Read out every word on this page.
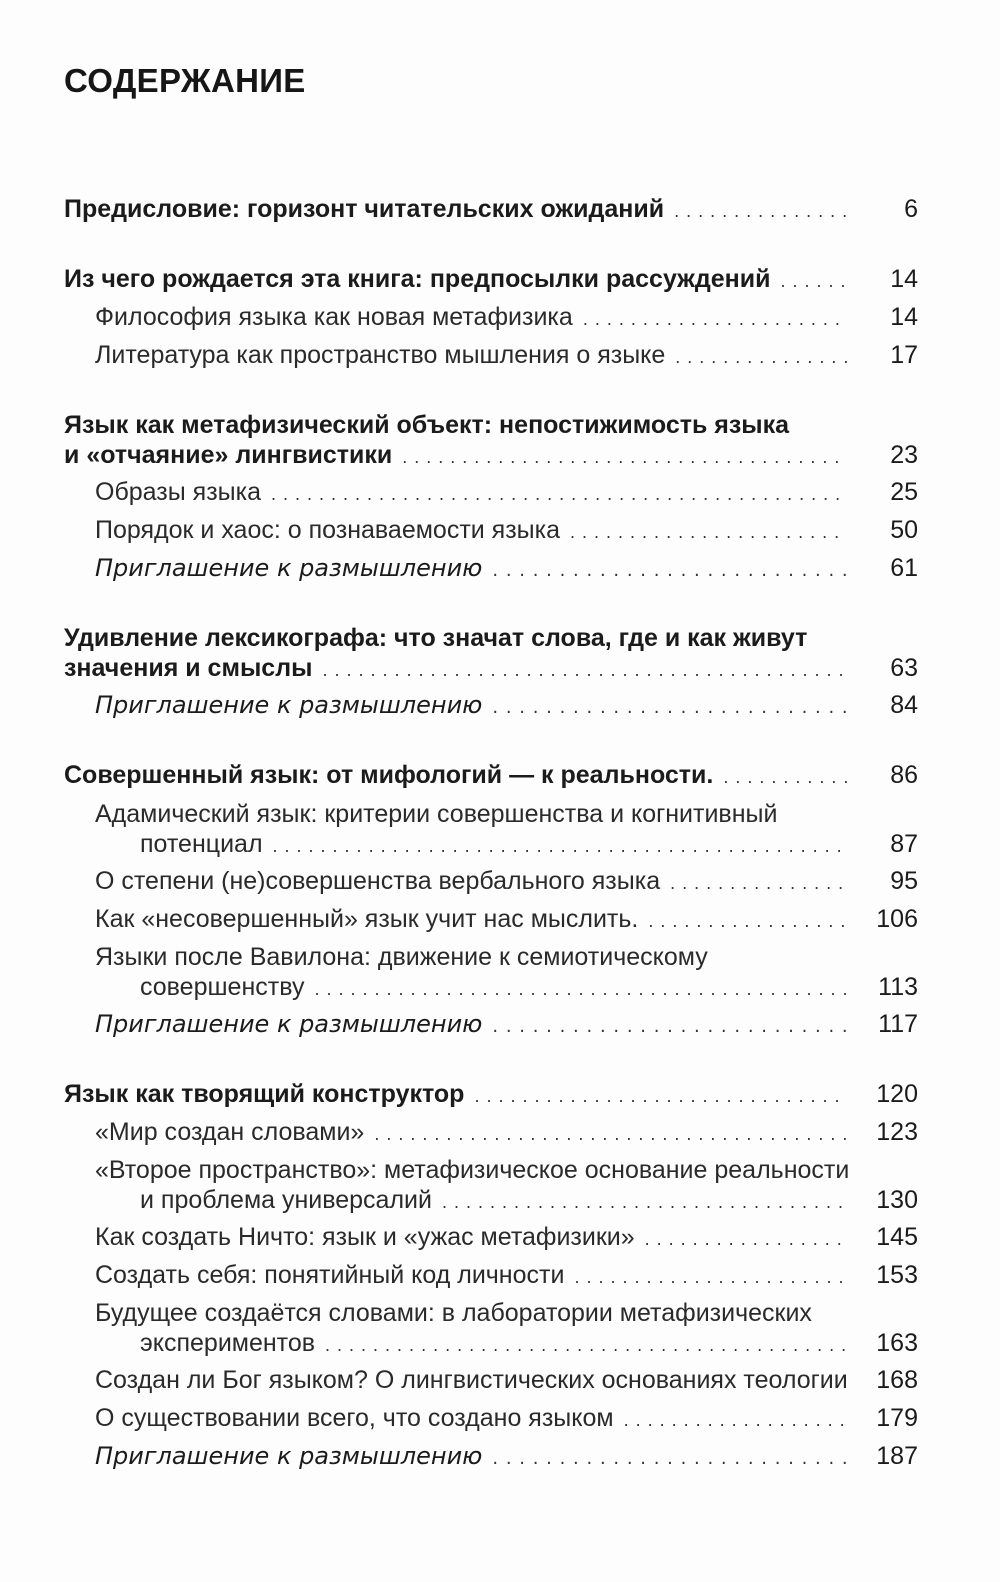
СОДЕРЖАНИЕ
Предисловие: горизонт читательских ожиданий . . .	6
Из чего рождается эта книга: предпосылки рассуждений . . .	14
Философия языка как новая метафизика . . .	14
Литература как пространство мышления о языке . . .	17
Язык как метафизический объект: непостижимость языка
и «отчаяние» лингвистики . . .	23
Образы языка . . .	25
Порядок и хаос: о познаваемости языка . . .	50
Приглашение к размышлению . . .	61
Удивление лексикографа: что значат слова, где и как живут
значения и смыслы . . .	63
Приглашение к размышлению . . .	84
Совершенный язык: от мифологий — к реальности. . . .	86
Адамический язык: критерии совершенства и когнитивный
потенциал . . .	87
О степени (не)совершенства вербального языка . . .	95
Как «несовершенный» язык учит нас мыслить. . . .	106
Языки после Вавилона: движение к семиотическому
совершенству . . .	113
Приглашение к размышлению . . .	117
Язык как творящий конструктор . . .	120
«Мир создан словами» . . .	123
«Второе пространство»: метафизическое основание реальности
и проблема универсалий . . .	130
Как создать Ничто: язык и «ужас метафизики» . . .	145
Создать себя: понятийный код личности . . .	153
Будущее создаётся словами: в лаборатории метафизических
экспериментов . . .	163
Создан ли Бог языком? О лингвистических основаниях теологии	168
О существовании всего, что создано языком . . .	179
Приглашение к размышлению . . .	187
